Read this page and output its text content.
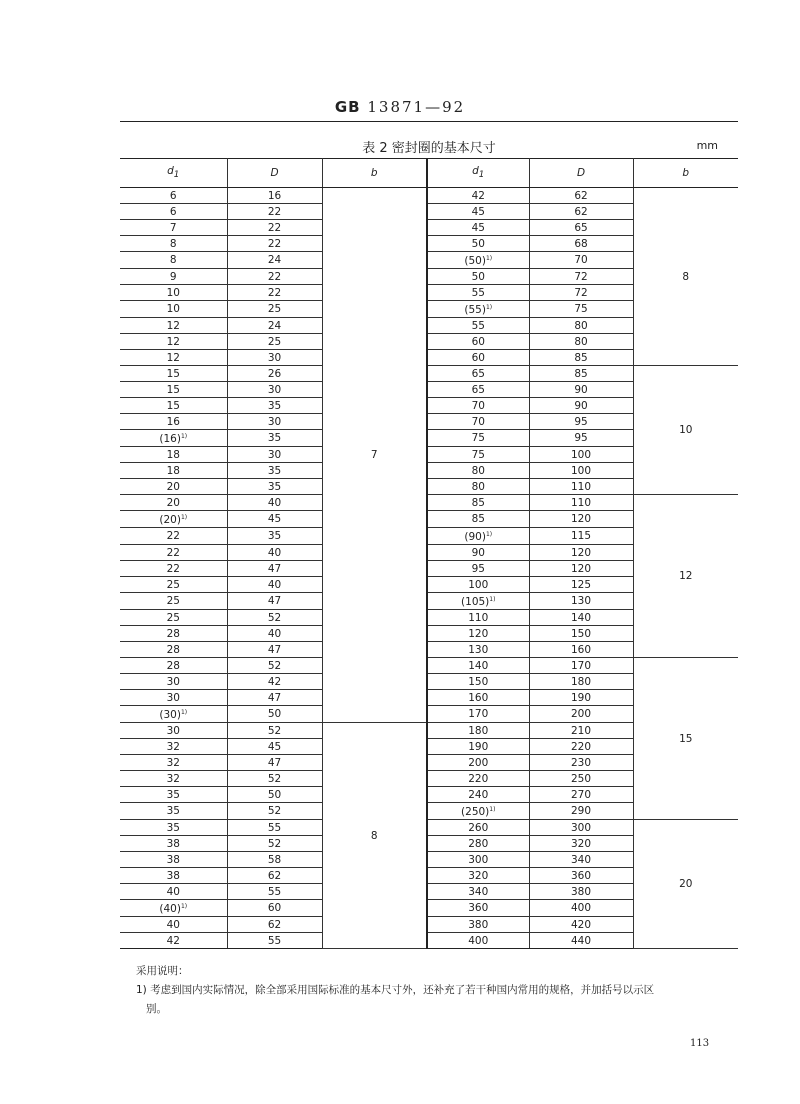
GB 13871—92
表 2 密封圈的基本尺寸	mm
$d_1$	D	b	$d_1$	D	b
6	16	7	42	62	8
6	22		45	62	
7	22		45	65	
8	22		50	68	
8	24		$(50)^{1)}$	70	
9	22		50	72	
10	22		55	72	
10	25		$(55)^{1)}$	75	
12	24		55	80	
12	25		60	80	
12	30		60	85	
15	26		65	85	10
15	30		65	90	
15	35		70	90	
16	30		70	95	
$(16)^{1)}$	35		75	95	
18	30		75	100	
18	35		80	100	
20	35		80	110	
20	40		85	110	12
$(20)^{1)}$	45		85	120	
22	35		$(90)^{1)}$	115	
22	40		90	120	
22	47		95	120	
25	40		100	125	
25	47		$(105)^{1)}$	130	
25	52		110	140	
28	40		120	150	
28	47		130	160	
28	52		140	170	15
30	42		150	180	
30	47		160	190	
$(30)^{1)}$	50		170	200	
30	52	8	180	210	
32	45		190	220	
32	47		200	230	
32	52		220	250	
35	50		240	270	
35	52		$(250)^{1)}$	290	
35	55		260	300	20
38	52		280	320	
38	58		300	340	
38	62		320	360	
40	55		340	380	
$(40)^{1)}$	60		360	400	
40	62		380	420	
42	55		400	440	
采用说明：
1) 考虑到国内实际情况，除全部采用国际标准的基本尺寸外，还补充了若干种国内常用的规格，并加括号以示区
别。
113
